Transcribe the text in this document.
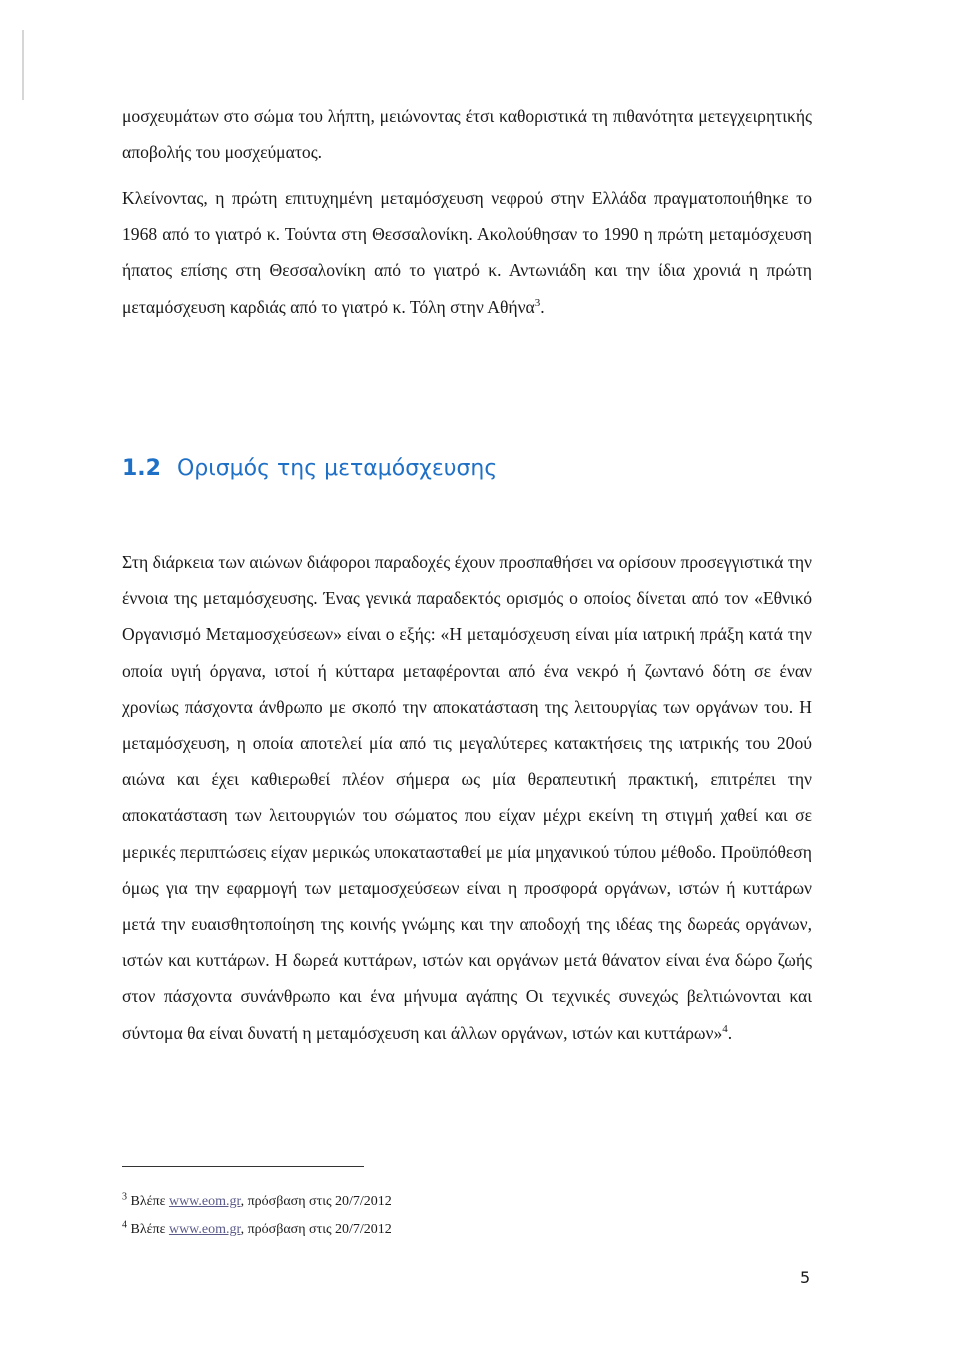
μοσχευμάτων στο σώμα του λήπτη, μειώνοντας έτσι καθοριστικά τη πιθανότητα μετεγχειρητικής αποβολής του μοσχεύματος.

Κλείνοντας, η πρώτη επιτυχημένη μεταμόσχευση νεφρού στην Ελλάδα πραγματοποιήθηκε το 1968 από το γιατρό κ. Τούντα στη Θεσσαλονίκη. Ακολούθησαν το 1990 η πρώτη μεταμόσχευση ήπατος επίσης στη Θεσσαλονίκη από το γιατρό κ. Αντωνιάδη και την ίδια χρονιά η πρώτη μεταμόσχευση καρδιάς από το γιατρό κ. Τόλη στην Αθήνα$^3$.

1.2 Ορισμός της μεταμόσχευσης

Στη διάρκεια των αιώνων διάφοροι παραδοχές έχουν προσπαθήσει να ορίσουν προσεγγιστικά την έννοια της μεταμόσχευσης. Ένας γενικά παραδεκτός ορισμός ο οποίος δίνεται από τον «Εθνικό Οργανισμό Μεταμοσχεύσεων» είναι ο εξής: «Η μεταμόσχευση είναι μία ιατρική πράξη κατά την οποία υγιή όργανα, ιστοί ή κύτταρα μεταφέρονται από ένα νεκρό ή ζωντανό δότη σε έναν χρονίως πάσχοντα άνθρωπο με σκοπό την αποκατάσταση της λειτουργίας των οργάνων του. Η μεταμόσχευση, η οποία αποτελεί μία από τις μεγαλύτερες κατακτήσεις της ιατρικής του 20ού αιώνα και έχει καθιερωθεί πλέον σήμερα ως μία θεραπευτική πρακτική, επιτρέπει την αποκατάσταση των λειτουργιών του σώματος που είχαν μέχρι εκείνη τη στιγμή χαθεί και σε μερικές περιπτώσεις είχαν μερικώς υποκατασταθεί με μία μηχανικού τύπου μέθοδο. Προϋπόθεση όμως για την εφαρμογή των μεταμοσχεύσεων είναι η προσφορά οργάνων, ιστών ή κυττάρων μετά την ευαισθητοποίηση της κοινής γνώμης και την αποδοχή της ιδέας της δωρεάς οργάνων, ιστών και κυττάρων. Η δωρεά κυττάρων, ιστών και οργάνων μετά θάνατον είναι ένα δώρο ζωής στον πάσχοντα συνάνθρωπο και ένα μήνυμα αγάπης Οι τεχνικές συνεχώς βελτιώνονται και σύντομα θα είναι δυνατή η μεταμόσχευση και άλλων οργάνων, ιστών και κυττάρων»$^4$.

$^3$ Βλέπε www.eom.gr, πρόσβαση στις 20/7/2012
$^4$ Βλέπε www.eom.gr, πρόσβαση στις 20/7/2012
5
